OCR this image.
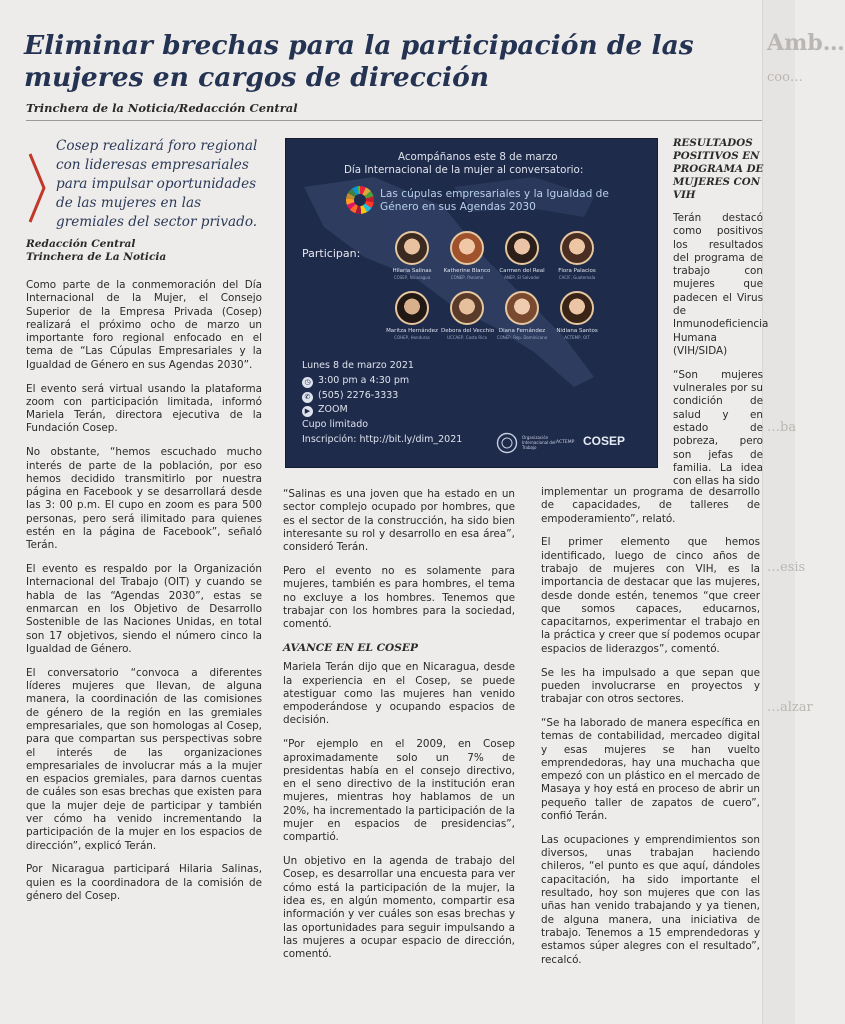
Amb…
coo…
…ba
…esis
…alzar
Eliminar brechas para la participación de las mujeres en cargos de dirección
Trinchera de la Noticia/Redacción Central

Cosep realizará foro regional con lideresas empresariales para impulsar oportunidades de las mujeres en las gremiales del sector privado.

Redacción Central
Trinchera de La Noticia

Como parte de la conmemoración del Día Internacional de la Mujer, el Consejo Superior de la Empresa Privada (Cosep) realizará el próximo ocho de marzo un importante foro regional enfocado en el tema de “Las Cúpulas Empresariales y la Igualdad de Género en sus Agendas 2030”.

El evento será virtual usando la plataforma zoom con participación limitada, informó Mariela Terán, directora ejecutiva de la Fundación Cosep.

No obstante, “hemos escuchado mucho interés de parte de la población, por eso hemos decidido transmitirlo por nuestra página en Facebook y se desarrollará desde las 3: 00 p.m. El cupo en zoom es para 500 personas, pero será ilimitado para quienes estén en la página de Facebook”, señaló Terán.

El evento es respaldo por la Organización Internacional del Trabajo (OIT) y cuando se habla de las “Agendas 2030”, estas se enmarcan en los Objetivo de Desarrollo Sostenible de las Naciones Unidas, en total son 17 objetivos, siendo el número cinco la Igualdad de Género.

El conversatorio “convoca a diferentes líderes mujeres que llevan, de alguna manera, la coordinación de las comisiones de género de la región en las gremiales empresariales, que son homologas al Cosep, para que compartan sus perspectivas sobre el interés de las organizaciones empresariales de involucrar más a la mujer en espacios gremiales, para darnos cuentas de cuáles son esas brechas que existen para que la mujer deje de participar y también ver cómo ha venido incrementando la participación de la mujer en los espacios de dirección”, explicó Terán.

Por Nicaragua participará Hilaria Salinas, quien es la coordinadora de la comisión de género del Cosep.

Acompáñanos este 8 de marzo
Día Internacional de la mujer al conversatorio:
Las cúpulas empresariales y la Igualdad de Género en sus Agendas 2030
Participan:
Hilaria Salinas
COSEP, Nicaragua
Katherine Blanco
CONEP, Panamá
Carmen del Real
ANEP, El Salvador
Flora Palacios
CACIF, Guatemala
Maritza Hernández
COHEP, Honduras
Debora del Vecchio
UCCAEP, Costa Rica
Diana Fernández
CONEP, Rep. Dominicana
Nidiana Santos
ACTEMP, OIT
Lunes 8 de marzo 2021
◷ 3:00 pm a 4:30 pm
✆ (505) 2276-3333
▶ ZOOM
Cupo limitado
Inscripción: http://bit.ly/dim_2021	Organización Internacional del Trabajo
ACTEMP COSEP
RESULTADOS POSITIVOS EN PROGRAMA DE MUJERES CON VIH

Terán destacó como positivos los resultados del programa de trabajo con mujeres que padecen el Virus de Inmunodeficiencia Humana (VIH/SIDA)

“Son mujeres vulnerales por su condición de salud y en estado de pobreza, pero son jefas de familia. La idea con ellas ha sido

“Salinas es una joven que ha estado en un sector complejo ocupado por hombres, que es el sector de la construcción, ha sido bien interesante su rol y desarrollo en esa área”, consideró Terán.

Pero el evento no es solamente para mujeres, también es para hombres, el tema no excluye a los hombres. Tenemos que trabajar con los hombres para la sociedad, comentó.

AVANCE EN EL COSEP

Mariela Terán dijo que en Nicaragua, desde la experiencia en el Cosep, se puede atestiguar como las mujeres han venido empoderándose y ocupando espacios de decisión.

“Por ejemplo en el 2009, en Cosep aproximadamente solo un 7% de presidentas había en el consejo directivo, en el seno directivo de la institución eran mujeres, mientras hoy hablamos de un 20%, ha incrementado la participación de la mujer en espacios de presidencias”, compartió.

Un objetivo en la agenda de trabajo del Cosep, es desarrollar una encuesta para ver cómo está la participación de la mujer, la idea es, en algún momento, compartir esa información y ver cuáles son esas brechas y las oportunidades para seguir impulsando a las mujeres a ocupar espacio de dirección, comentó.

implementar un programa de desarrollo de capacidades, de talleres de empoderamiento”, relató.

El primer elemento que hemos identificado, luego de cinco años de trabajo de mujeres con VIH, es la importancia de destacar que las mujeres, desde donde estén, tenemos “que creer que somos capaces, educarnos, capacitarnos, experimentar el trabajo en la práctica y creer que sí podemos ocupar espacios de liderazgos”, comentó.

Se les ha impulsado a que sepan que pueden involucrarse en proyectos y trabajar con otros sectores.

“Se ha laborado de manera específica en temas de contabilidad, mercadeo digital y esas mujeres se han vuelto emprendedoras, hay una muchacha que empezó con un plástico en el mercado de Masaya y hoy está en proceso de abrir un pequeño taller de zapatos de cuero”, confió Terán.

Las ocupaciones y emprendimientos son diversos, unas trabajan haciendo chileros, “el punto es que aquí, dándoles capacitación, ha sido importante el resultado, hoy son mujeres que con las uñas han venido trabajando y ya tienen, de alguna manera, una iniciativa de trabajo. Tenemos a 15 emprendedoras y estamos súper alegres con el resultado”, recalcó.
